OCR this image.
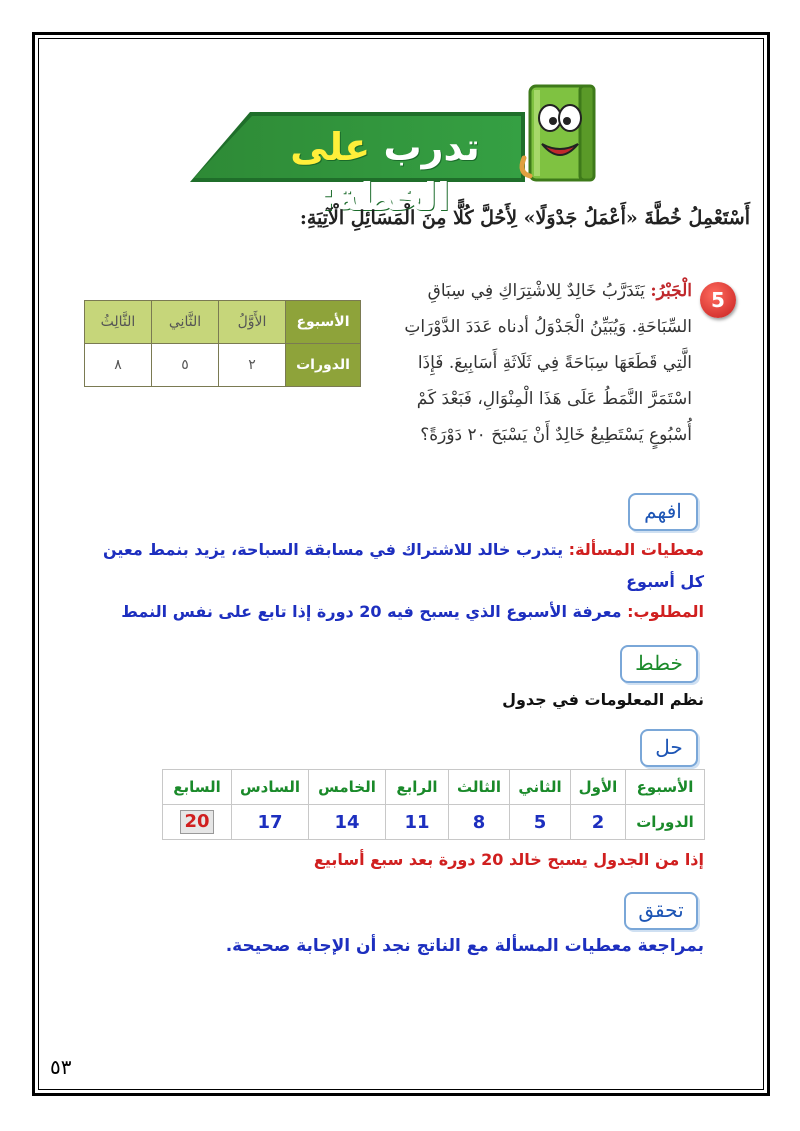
تدرب على الخطة:
أَسْتَعْمِلُ خُطَّةَ «أَعْمَلُ جَدْوَلًا» لِأَحُلَّ كُلًّا مِنَ الْمَسَائِلِ الْآتِيَةِ:
5
الْجَبْرُ: يَتَدَرَّبُ خَالِدٌ لِلاشْتِرَاكِ فِي سِبَاقِ السِّبَاحَةِ. وَيُبَيِّنُ الْجَدْوَلُ أدناه عَدَدَ الدَّوْرَاتِ الَّتِي قَطَعَهَا سِبَاحَةً فِي ثَلَاثَةِ أَسَابِيعَ. فَإِذَا اسْتَمَرَّ النَّمَطُ عَلَى هَذَا الْمِنْوَالِ، فَبَعْدَ كَمْ أُسْبُوعٍ يَسْتَطِيعُ خَالِدٌ أَنْ يَسْبَحَ ٢٠ دَوْرَةً؟
الأسبوع	الأَوَّلُ	الثَّانِي	الثَّالِثُ
الدورات	٢	٥	٨
افهم
معطيات المسألة: يتدرب خالد للاشتراك في مسابقة السباحة، يزيد بنمط معين
كل أسبوع
المطلوب: معرفة الأسبوع الذي يسبح فيه 20 دورة إذا تابع على نفس النمط
خطط
نظم المعلومات في جدول
حل
الأسبوع	الأول	الثاني	الثالث	الرابع	الخامس	السادس	السابع
الدورات	2	5	8	11	14	17	20
إذا من الجدول يسبح خالد 20 دورة بعد سبع أسابيع
تحقق
بمراجعة معطيات المسألة مع الناتج نجد أن الإجابة صحيحة.
٥٣
